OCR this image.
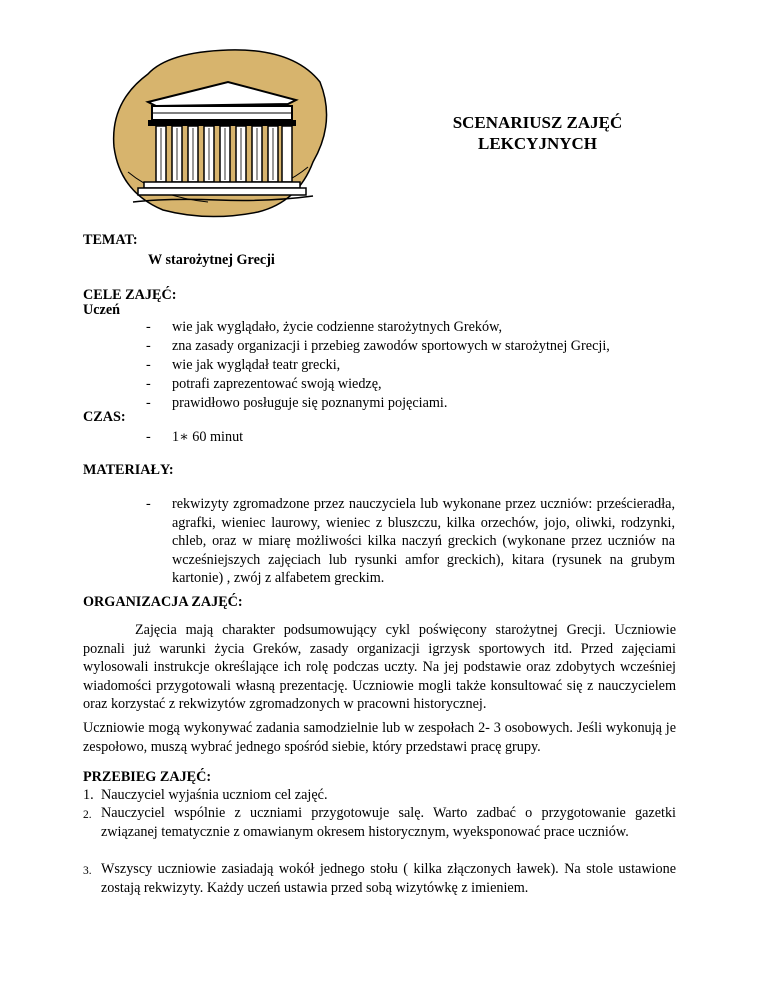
SCENARIUSZ ZAJĘĆ
LEKCYJNYCH
TEMAT:
W starożytnej Grecji
CELE ZAJĘĆ:
Uczeń
- wie jak wyglądało, życie codzienne starożytnych Greków,
- zna zasady organizacji i przebieg zawodów sportowych w starożytnej Grecji,
- wie jak wyglądał teatr grecki,
- potrafi zaprezentować swoją wiedzę,
- prawidłowo posługuje się poznanymi pojęciami.
CZAS:
- 1∗ 60 minut
MATERIAŁY:
- rekwizyty zgromadzone przez nauczyciela lub wykonane przez uczniów: prześcieradła, agrafki, wieniec laurowy, wieniec z bluszczu, kilka orzechów, jojo, oliwki, rodzynki, chleb, oraz w miarę możliwości kilka naczyń greckich (wykonane przez uczniów na wcześniejszych zajęciach lub rysunki amfor greckich), kitara (rysunek na grubym kartonie) , zwój z alfabetem greckim.
ORGANIZACJA ZAJĘĆ:
Zajęcia mają charakter podsumowujący cykl poświęcony starożytnej Grecji. Uczniowie poznali już warunki życia Greków, zasady organizacji igrzysk sportowych itd. Przed zajęciami wylosowali instrukcje określające ich rolę podczas uczty. Na jej podstawie oraz zdobytych wcześniej wiadomości przygotowali własną prezentację. Uczniowie mogli także konsultować się z nauczycielem oraz korzystać z rekwizytów zgromadzonych w pracowni historycznej.
Uczniowie mogą wykonywać zadania samodzielnie lub w zespołach 2- 3 osobowych. Jeśli wykonują je zespołowo, muszą wybrać jednego spośród siebie, który przedstawi pracę grupy.
PRZEBIEG ZAJĘĆ:
1. Nauczyciel wyjaśnia uczniom cel zajęć.
2. Nauczyciel wspólnie z uczniami przygotowuje salę. Warto zadbać o przygotowanie gazetki związanej tematycznie z omawianym okresem historycznym, wyeksponować prace uczniów.
3. Wszyscy uczniowie zasiadają wokół jednego stołu ( kilka złączonych ławek). Na stole ustawione zostają rekwizyty. Każdy uczeń ustawia przed sobą wizytówkę z imieniem.
